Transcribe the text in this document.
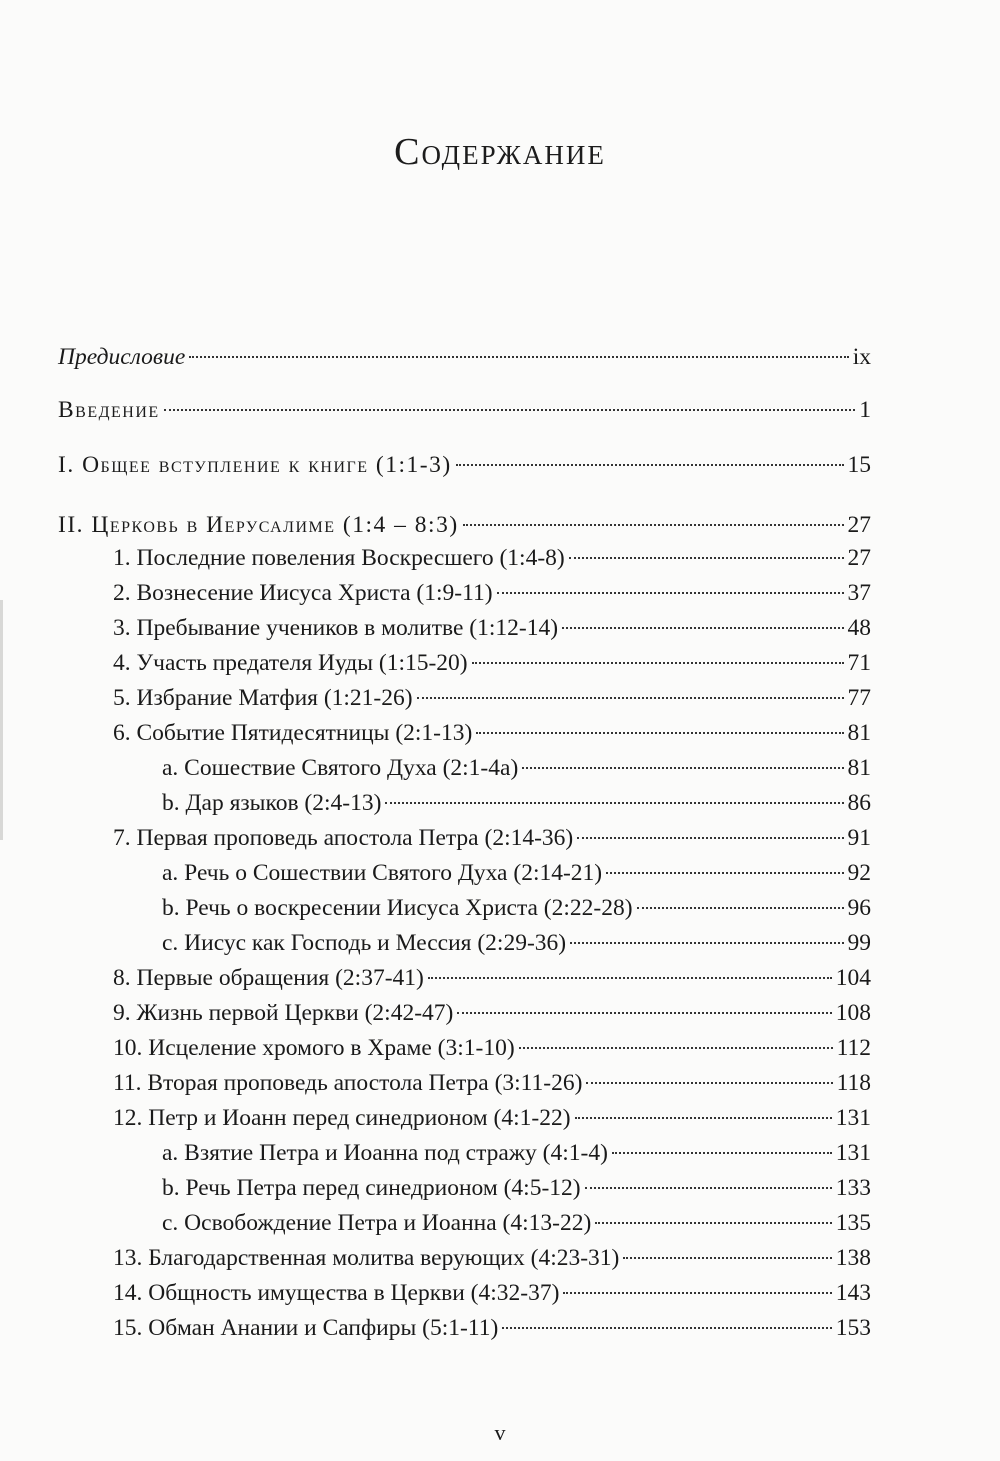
Содержание
Предисловие	ix
Введение	1
I. Общее вступление к книге (1:1-3)	15
II. Церковь в Иерусалиме (1:4 – 8:3)	27
1. Последние повеления Воскресшего (1:4-8)	27
2. Вознесение Иисуса Христа (1:9-11)	37
3. Пребывание учеников в молитве (1:12-14)	48
4. Участь предателя Иуды (1:15-20)	71
5. Избрание Матфия (1:21-26)	77
6. Событие Пятидесятницы (2:1-13)	81
a. Сошествие Святого Духа (2:1-4a)	81
b. Дар языков (2:4-13)	86
7. Первая проповедь апостола Петра (2:14-36)	91
a. Речь о Сошествии Святого Духа (2:14-21)	92
b. Речь о воскресении Иисуса Христа (2:22-28)	96
c. Иисус как Господь и Мессия (2:29-36)	99
8. Первые обращения (2:37-41)	104
9. Жизнь первой Церкви (2:42-47)	108
10. Исцеление хромого в Храме (3:1-10)	112
11. Вторая проповедь апостола Петра (3:11-26)	118
12. Петр и Иоанн перед синедрионом (4:1-22)	131
a. Взятие Петра и Иоанна под стражу (4:1-4)	131
b. Речь Петра перед синедрионом (4:5-12)	133
c. Освобождение Петра и Иоанна (4:13-22)	135
13. Благодарственная молитва верующих (4:23-31)	138
14. Общность имущества в Церкви (4:32-37)	143
15. Обман Анании и Сапфиры (5:1-11)	153
v
